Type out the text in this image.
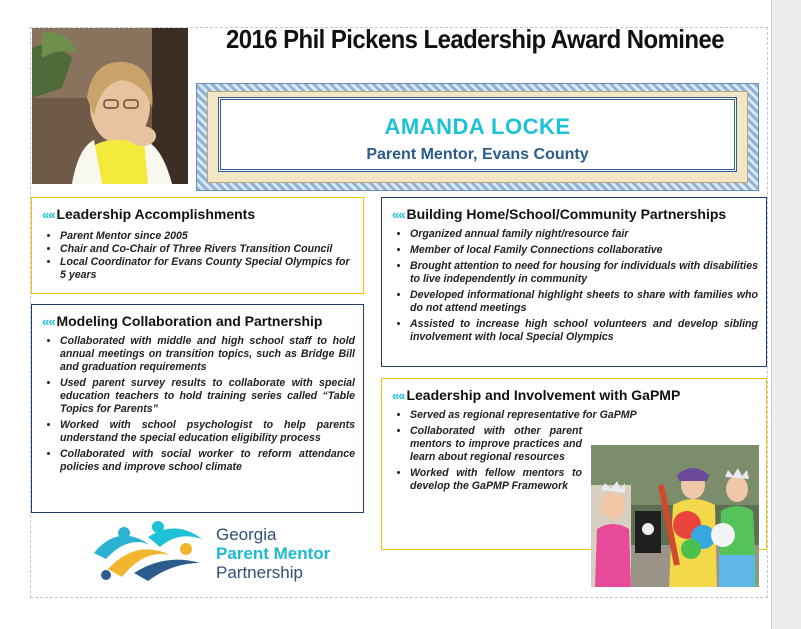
2016 Phil Pickens Leadership Award Nominee
AMANDA LOCKE
Parent Mentor, Evans County
«« Leadership Accomplishments
• Parent Mentor since 2005
• Chair and Co-Chair of Three Rivers Transition Council
• Local Coordinator for Evans County Special Olympics for 5 years
«« Modeling Collaboration and Partnership
• Collaborated with middle and high school staff to hold annual meetings on transition topics, such as Bridge Bill and graduation requirements
• Used parent survey results to collaborate with special education teachers to hold training series called “Table Topics for Parents”
• Worked with school psychologist to help parents understand the special education eligibility process
• Collaborated with social worker to reform attendance policies and improve school climate
«« Building Home/School/Community Partnerships
• Organized annual family night/resource fair
• Member of local Family Connections collaborative
• Brought attention to need for housing for individuals with disabilities to live independently in community
• Developed informational highlight sheets to share with families who do not attend meetings
• Assisted to increase high school volunteers and develop sibling involvement with local Special Olympics
«« Leadership and Involvement with GaPMP
• Served as regional representative for GaPMP
• Collaborated with other parent mentors to improve practices and learn about regional resources
• Worked with fellow mentors to develop the GaPMP Framework
Georgia
Parent Mentor
Partnership
